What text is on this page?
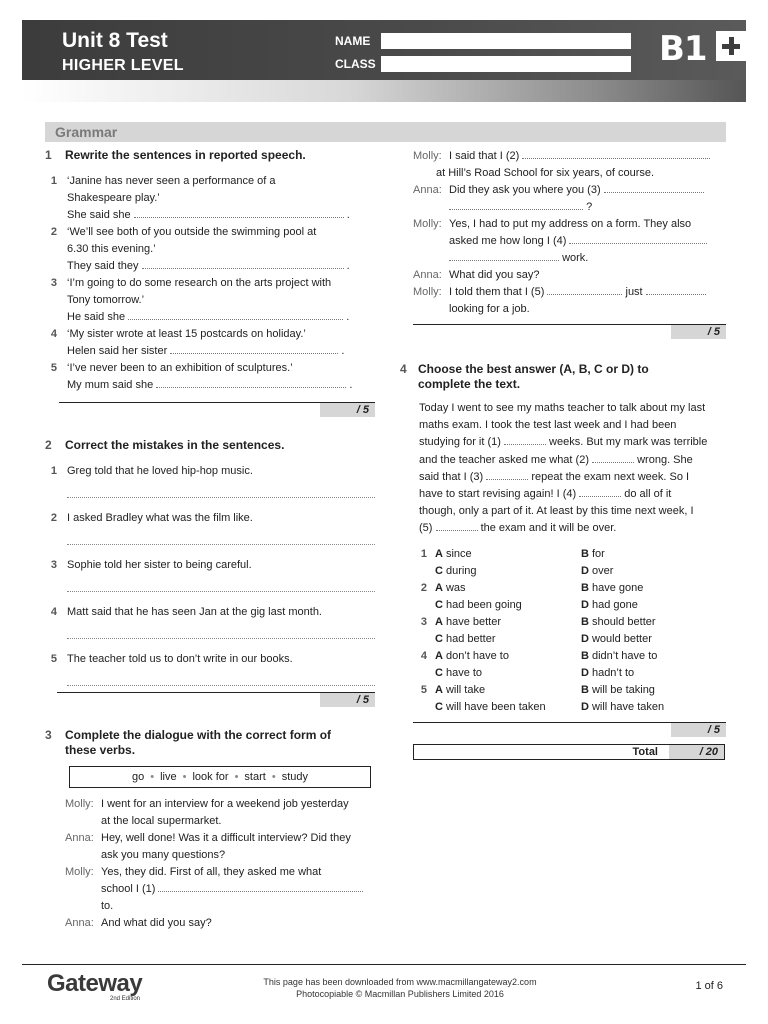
Unit 8 Test
HIGHER LEVEL
NAME
CLASS	B1
Grammar
1	Rewrite the sentences in reported speech.
1 ‘Janine has never seen a performance of a
Shakespeare play.’
She said she	.
2 ‘We’ll see both of you outside the swimming pool at
6.30 this evening.’
They said they	.
3 ‘I’m going to do some research on the arts project with
Tony tomorrow.’
He said she	.
4 ‘My sister wrote at least 15 postcards on holiday.’
Helen said her sister	.
5 ‘I’ve never been to an exhibition of sculptures.’
My mum said she	.
/ 5
2	Correct the mistakes in the sentences.
1 Greg told that he loved hip-hop music.
2 I asked Bradley what was the film like.
3 Sophie told her sister to being careful.
4 Matt said that he has seen Jan at the gig last month.
5 The teacher told us to don’t write in our books.
/ 5
3	Complete the dialogue with the correct form of
these verbs.
go • live • look for • start • study
Molly: I went for an interview for a weekend job yesterday
at the local supermarket.
Anna: Hey, well done! Was it a difficult interview? Did they
ask you many questions?
Molly: Yes, they did. First of all, they asked me what
school I (1)
to.
Anna: And what did you say?
Molly: I said that I (2)
at Hill’s Road School for six years, of course.
Anna: Did they ask you where you (3)
?
Molly: Yes, I had to put my address on a form. They also
asked me how long I (4)
work.
Anna: What did you say?
Molly: I told them that I (5)	just
looking for a job.
/ 5
4 Choose the best answer (A, B, C or D) to
complete the text.
Today I went to see my maths teacher to talk about my last
maths exam. I took the test last week and I had been
studying for it (1)	weeks. But my mark was terrible
and the teacher asked me what (2)	wrong. She
said that I (3)	repeat the exam next week. So I
have to start revising again! I (4)	do all of it
though, only a part of it. At least by this time next week, I
(5)	the exam and it will be over.
1 A since	B for
C during	D over
2 A was	B have gone
C had been going	D had gone
3 A have better	B should better
C had better	D would better
4 A don’t have to	B didn’t have to
C have to	D hadn’t to
5 A will take	B will be taking
C will have been taken	D will have taken
/ 5
Total	/ 20
Gateway
2nd Edition
This page has been downloaded from www.macmillangateway2.com
Photocopiable © Macmillan Publishers Limited 2016
1 of 6
